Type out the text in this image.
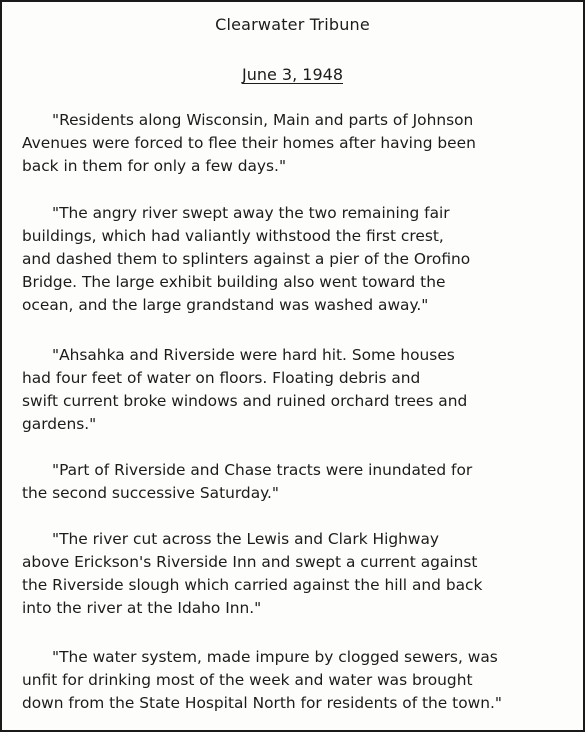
Clearwater Tribune
June 3, 1948

"Residents along Wisconsin, Main and parts of Johnson
Avenues were forced to flee their homes after having been
back in them for only a few days."

"The angry river swept away the two remaining fair
buildings, which had valiantly withstood the first crest,
and dashed them to splinters against a pier of the Orofino
Bridge. The large exhibit building also went toward the
ocean, and the large grandstand was washed away."

"Ahsahka and Riverside were hard hit. Some houses
had four feet of water on floors. Floating debris and
swift current broke windows and ruined orchard trees and
gardens."

"Part of Riverside and Chase tracts were inundated for
the second successive Saturday."

"The river cut across the Lewis and Clark Highway
above Erickson's Riverside Inn and swept a current against
the Riverside slough which carried against the hill and back
into the river at the Idaho Inn."

"The water system, made impure by clogged sewers, was
unfit for drinking most of the week and water was brought
down from the State Hospital North for residents of the town."
